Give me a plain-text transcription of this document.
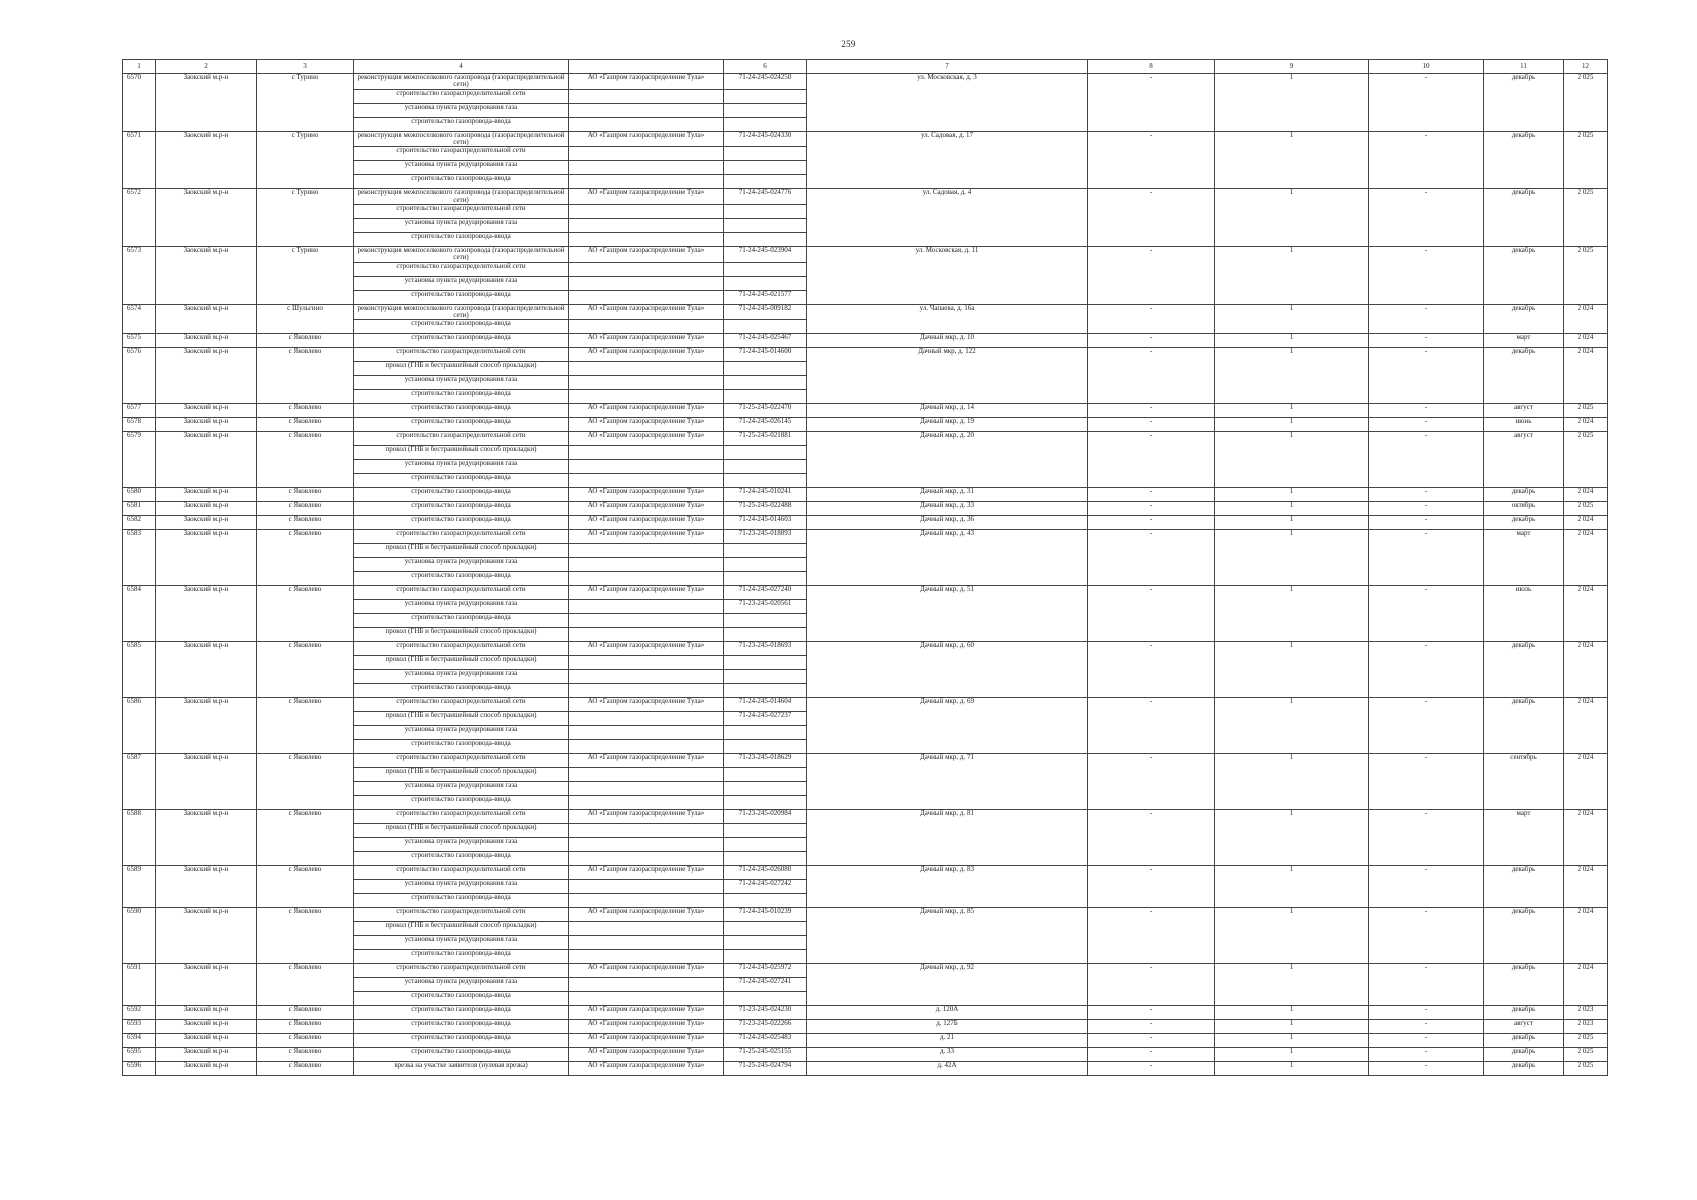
259
1	2	3	4		6	7	8	9	10	11	12
6570	Заокский м.р-н	с Турино	реконструкция межпоселкового газопровода (газораспределительной сети)	АО «Газпром газораспределение Тула»	71-24-245-024250	ул. Московская, д. 3	-	1	-	декабрь	2 025
			строительство газораспределительной сети								
			установка пункта редуцирования газа								
			строительство газопровода-ввода								
6571	Заокский м.р-н	с Турино	реконструкция межпоселкового газопровода (газораспределительной сети)	АО «Газпром газораспределение Тула»	71-24-245-024330	ул. Садовая, д. 17	-	1	-	декабрь	2 025
			строительство газораспределительной сети								
			установка пункта редуцирования газа								
			строительство газопровода-ввода								
6572	Заокский м.р-н	с Турино	реконструкция межпоселкового газопровода (газораспределительной сети)	АО «Газпром газораспределение Тула»	71-24-245-024776	ул. Садовая, д. 4	-	1	-	декабрь	2 025
			строительство газораспределительной сети								
			установка пункта редуцирования газа								
			строительство газопровода-ввода								
6573	Заокский м.р-н	с Турино	реконструкция межпоселкового газопровода (газораспределительной сети)	АО «Газпром газораспределение Тула»	71-24-245-023904	ул. Московская, д. 11	-	1	-	декабрь	2 025
			строительство газораспределительной сети								
			установка пункта редуцирования газа								
			строительство газопровода-ввода		71-24-245-021577						
6574	Заокский м.р-н	с Шульгино	реконструкция межпоселкового газопровода (газораспределительной сети)	АО «Газпром газораспределение Тула»	71-24-245-009182	ул. Чапаева, д. 16а	-	1	-	декабрь	2 024
			строительство газопровода-ввода								
6575	Заокский м.р-н	с Яковлево	строительство газопровода-ввода	АО «Газпром газораспределение Тула»	71-24-245-025467	Дачный мкр, д. 10	-	1	-	март	2 024
6576	Заокский м.р-н	с Яковлево	строительство газораспределительной сети	АО «Газпром газораспределение Тула»	71-24-245-014600	Дачный мкр, д. 122	-	1	-	декабрь	2 024
			прокол (ГНБ и бестраншейный способ прокладки)								
			установка пункта редуцирования газа								
			строительство газопровода-ввода								
6577	Заокский м.р-н	с Яковлево	строительство газопровода-ввода	АО «Газпром газораспределение Тула»	71-25-245-022470	Дачный мкр, д. 14	-	1	-	август	2 025
6578	Заокский м.р-н	с Яковлево	строительство газопровода-ввода	АО «Газпром газораспределение Тула»	71-24-245-026145	Дачный мкр, д. 19	-	1	-	июнь	2 024
6579	Заокский м.р-н	с Яковлево	строительство газораспределительной сети	АО «Газпром газораспределение Тула»	71-25-245-021881	Дачный мкр, д. 20	-	1	-	август	2 025
			прокол (ГНБ и бестраншейный способ прокладки)								
			установка пункта редуцирования газа								
			строительство газопровода-ввода								
6580	Заокский м.р-н	с Яковлево	строительство газопровода-ввода	АО «Газпром газораспределение Тула»	71-24-245-010241	Дачный мкр, д. 31	-	1	-	декабрь	2 024
6581	Заокский м.р-н	с Яковлево	строительство газопровода-ввода	АО «Газпром газораспределение Тула»	71-25-245-022488	Дачный мкр, д. 33	-	1	-	октябрь	2 025
6582	Заокский м.р-н	с Яковлево	строительство газопровода-ввода	АО «Газпром газораспределение Тула»	71-24-245-014603	Дачный мкр, д. 36	-	1	-	декабрь	2 024
6583	Заокский м.р-н	с Яковлево	строительство газораспределительной сети	АО «Газпром газораспределение Тула»	71-23-245-018893	Дачный мкр, д. 43	-	1	-	март	2 024
			прокол (ГНБ и бестраншейный способ прокладки)								
			установка пункта редуцирования газа								
			строительство газопровода-ввода								
6584	Заокский м.р-н	с Яковлево	строительство газораспределительной сети	АО «Газпром газораспределение Тула»	71-24-245-027240	Дачный мкр, д. 51	-	1	-	июль	2 024
			установка пункта редуцирования газа		71-23-245-020561						
			строительство газопровода-ввода								
			прокол (ГНБ и бестраншейный способ прокладки)								
6585	Заокский м.р-н	с Яковлево	строительство газораспределительной сети	АО «Газпром газораспределение Тула»	71-23-245-018693	Дачный мкр, д. 60	-	1	-	декабрь	2 024
			прокол (ГНБ и бестраншейный способ прокладки)								
			установка пункта редуцирования газа								
			строительство газопровода-ввода								
6586	Заокский м.р-н	с Яковлево	строительство газораспределительной сети	АО «Газпром газораспределение Тула»	71-24-245-014604	Дачный мкр, д. 69	-	1	-	декабрь	2 024
			прокол (ГНБ и бестраншейный способ прокладки)		71-24-245-027237						
			установка пункта редуцирования газа								
			строительство газопровода-ввода								
6587	Заокский м.р-н	с Яковлево	строительство газораспределительной сети	АО «Газпром газораспределение Тула»	71-23-245-018629	Дачный мкр, д. 71	-	1	-	сентябрь	2 024
			прокол (ГНБ и бестраншейный способ прокладки)								
			установка пункта редуцирования газа								
			строительство газопровода-ввода								
6588	Заокский м.р-н	с Яковлево	строительство газораспределительной сети	АО «Газпром газораспределение Тула»	71-23-245-020984	Дачный мкр, д. 81	-	1	-	март	2 024
			прокол (ГНБ и бестраншейный способ прокладки)								
			установка пункта редуцирования газа								
			строительство газопровода-ввода								
6589	Заокский м.р-н	с Яковлево	строительство газораспределительной сети	АО «Газпром газораспределение Тула»	71-24-245-026080	Дачный мкр, д. 83	-	1	-	декабрь	2 024
			установка пункта редуцирования газа		71-24-245-027242						
			строительство газопровода-ввода								
6590	Заокский м.р-н	с Яковлево	строительство газораспределительной сети	АО «Газпром газораспределение Тула»	71-24-245-010239	Дачный мкр, д. 85	-	1	-	декабрь	2 024
			прокол (ГНБ и бестраншейный способ прокладки)								
			установка пункта редуцирования газа								
			строительство газопровода-ввода								
6591	Заокский м.р-н	с Яковлево	строительство газораспределительной сети	АО «Газпром газораспределение Тула»	71-24-245-025972	Дачный мкр, д. 92	-	1	-	декабрь	2 024
			установка пункта редуцирования газа		71-24-245-027241						
			строительство газопровода-ввода								
6592	Заокский м.р-н	с Яковлево	строительство газопровода-ввода	АО «Газпром газораспределение Тула»	71-23-245-024230	д. 120А	-	1	-	декабрь	2 023
6593	Заокский м.р-н	с Яковлево	строительство газопровода-ввода	АО «Газпром газораспределение Тула»	71-23-245-022266	д. 127Б	-	1	-	август	2 023
6594	Заокский м.р-н	с Яковлево	строительство газопровода-ввода	АО «Газпром газораспределение Тула»	71-24-245-025483	д. 21	-	1	-	декабрь	2 025
6595	Заокский м.р-н	с Яковлево	строительство газопровода-ввода	АО «Газпром газораспределение Тула»	71-25-245-025155	д. 33	-	1	-	декабрь	2 025
6596	Заокский м.р-н	с Яковлево	врезка на участке заявителя (нулевая врезка)	АО «Газпром газораспределение Тула»	71-25-245-024794	д. 42А	-	1	-	декабрь	2 025
